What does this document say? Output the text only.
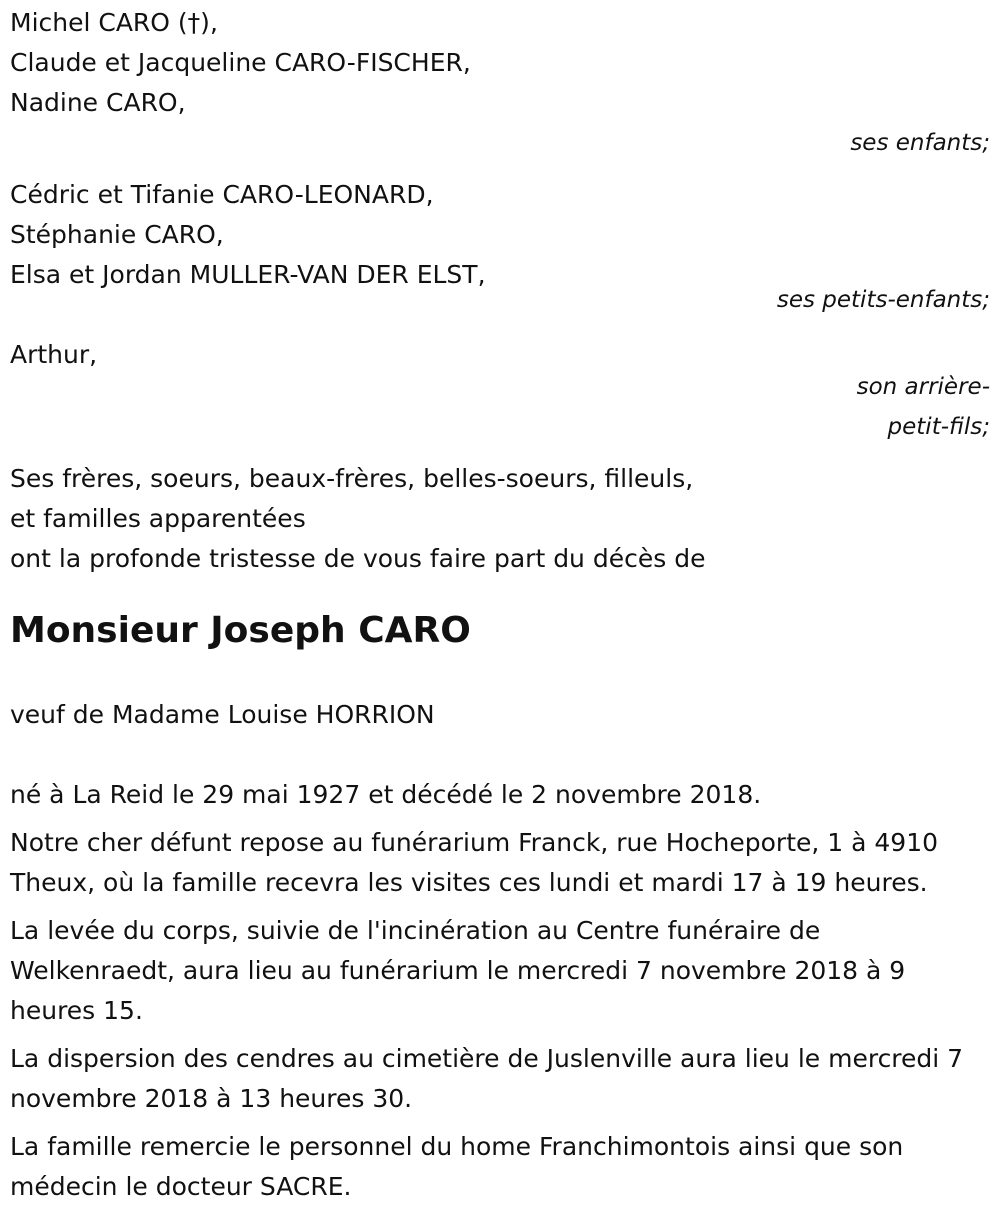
Michel CARO (†),
Claude et Jacqueline CARO-FISCHER,
Nadine CARO,
ses enfants;
Cédric et Tifanie CARO-LEONARD,
Stéphanie CARO,
Elsa et Jordan MULLER-VAN DER ELST,
ses petits-enfants;
Arthur,
son arrière-
petit-fils;
Ses frères, soeurs, beaux-frères, belles-soeurs, filleuls,
et familles apparentées
ont la profonde tristesse de vous faire part du décès de
Monsieur Joseph CARO
veuf de Madame Louise HORRION

né à La Reid le 29 mai 1927 et décédé le 2 novembre 2018.

Notre cher défunt repose au funérarium Franck, rue Hocheporte, 1 à 4910 Theux, où la famille recevra les visites ces lundi et mardi 17 à 19 heures.

La levée du corps, suivie de l'incinération au Centre funéraire de Welkenraedt, aura lieu au funérarium le mercredi 7 novembre 2018 à 9 heures 15.

La dispersion des cendres au cimetière de Juslenville aura lieu le mercredi 7 novembre 2018 à 13 heures 30.

La famille remercie le personnel du home Franchimontois ainsi que son médecin le docteur SACRE.
